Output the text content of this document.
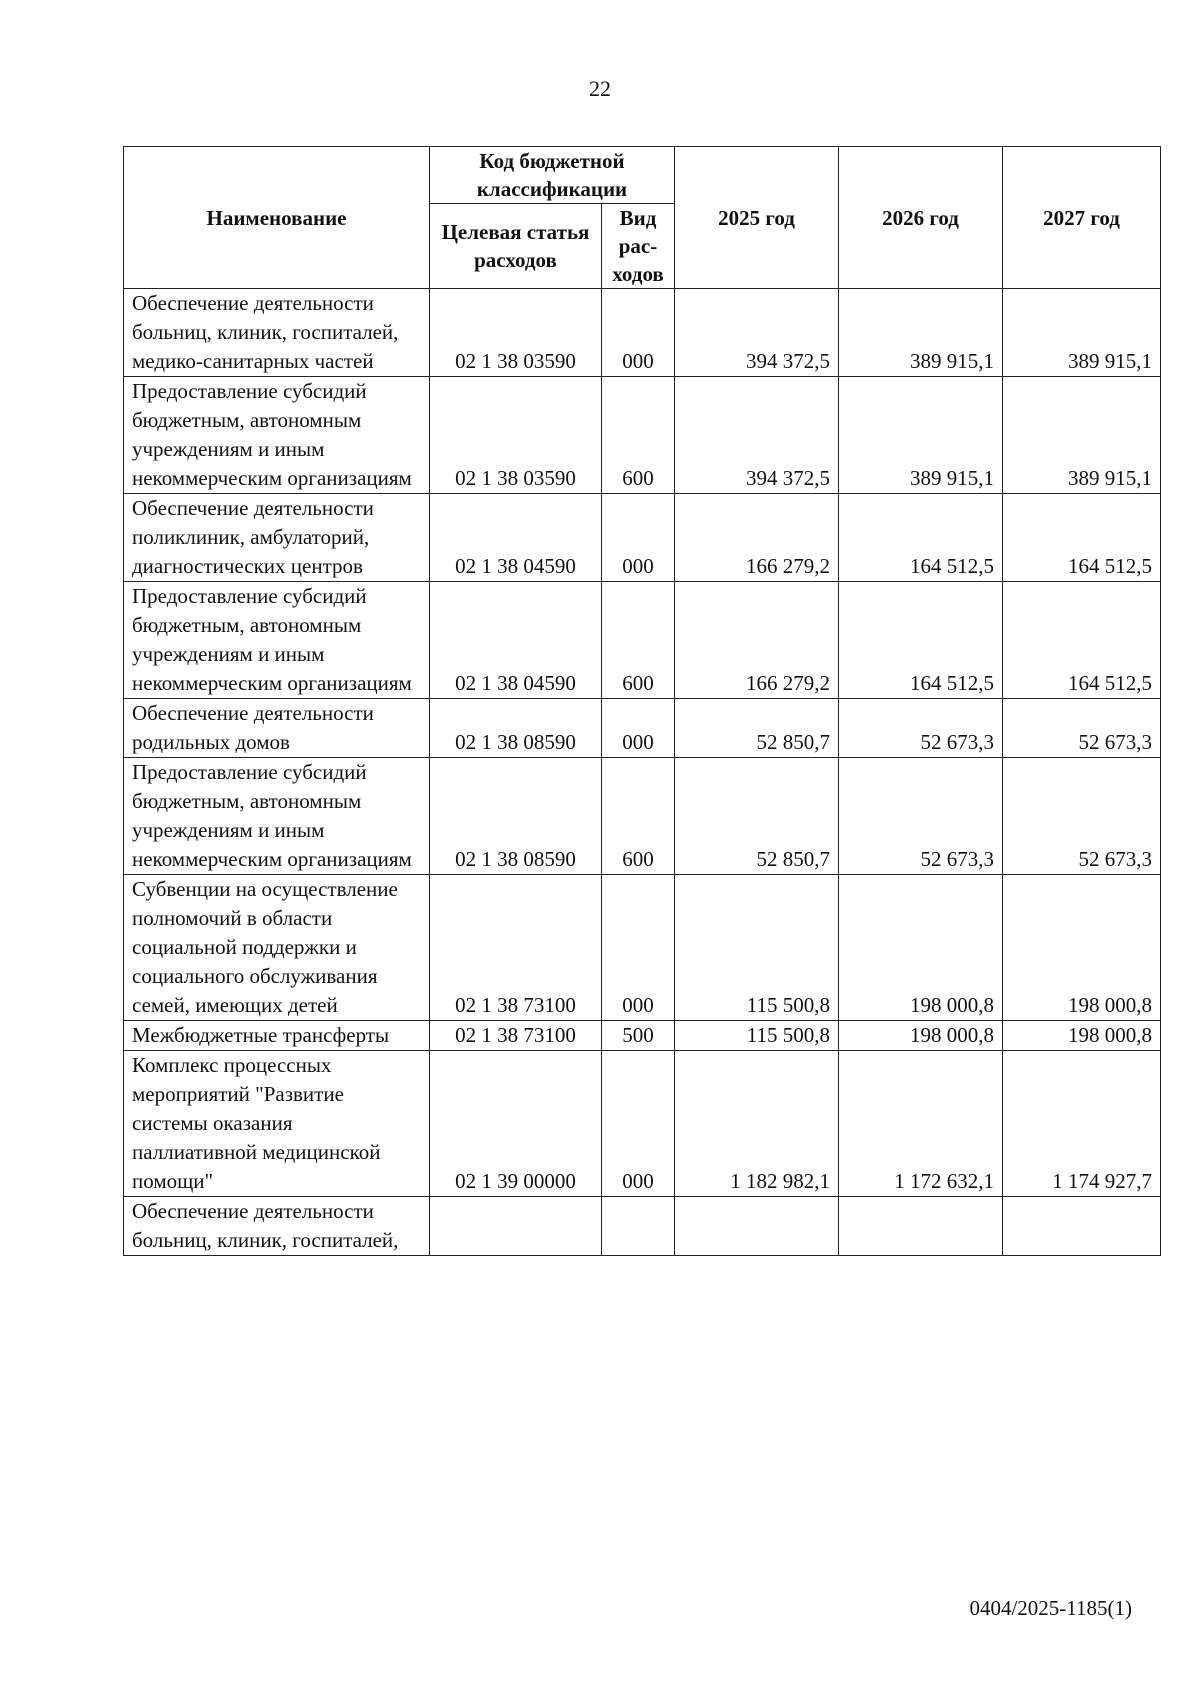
22
Наименование	Код бюджетной классификации		2025 год	2026 год	2027 год
	Целевая статья расходов	Вид рас-ходов			
Обеспечение деятельности больниц, клиник, госпиталей, медико-санитарных частей	02 1 38 03590	000	394 372,5	389 915,1	389 915,1
Предоставление субсидий бюджетным, автономным учреждениям и иным некоммерческим организациям	02 1 38 03590	600	394 372,5	389 915,1	389 915,1
Обеспечение деятельности поликлиник, амбулаторий, диагностических центров	02 1 38 04590	000	166 279,2	164 512,5	164 512,5
Предоставление субсидий бюджетным, автономным учреждениям и иным некоммерческим организациям	02 1 38 04590	600	166 279,2	164 512,5	164 512,5
Обеспечение деятельности родильных домов	02 1 38 08590	000	52 850,7	52 673,3	52 673,3
Предоставление субсидий бюджетным, автономным учреждениям и иным некоммерческим организациям	02 1 38 08590	600	52 850,7	52 673,3	52 673,3
Субвенции на осуществление полномочий в области социальной поддержки и социального обслуживания семей, имеющих детей	02 1 38 73100	000	115 500,8	198 000,8	198 000,8
Межбюджетные трансферты	02 1 38 73100	500	115 500,8	198 000,8	198 000,8
Комплекс процессных мероприятий "Развитие системы оказания паллиативной медицинской помощи"	02 1 39 00000	000	1 182 982,1	1 172 632,1	1 174 927,7
Обеспечение деятельности больниц, клиник, госпиталей,					
0404/2025-1185(1)
